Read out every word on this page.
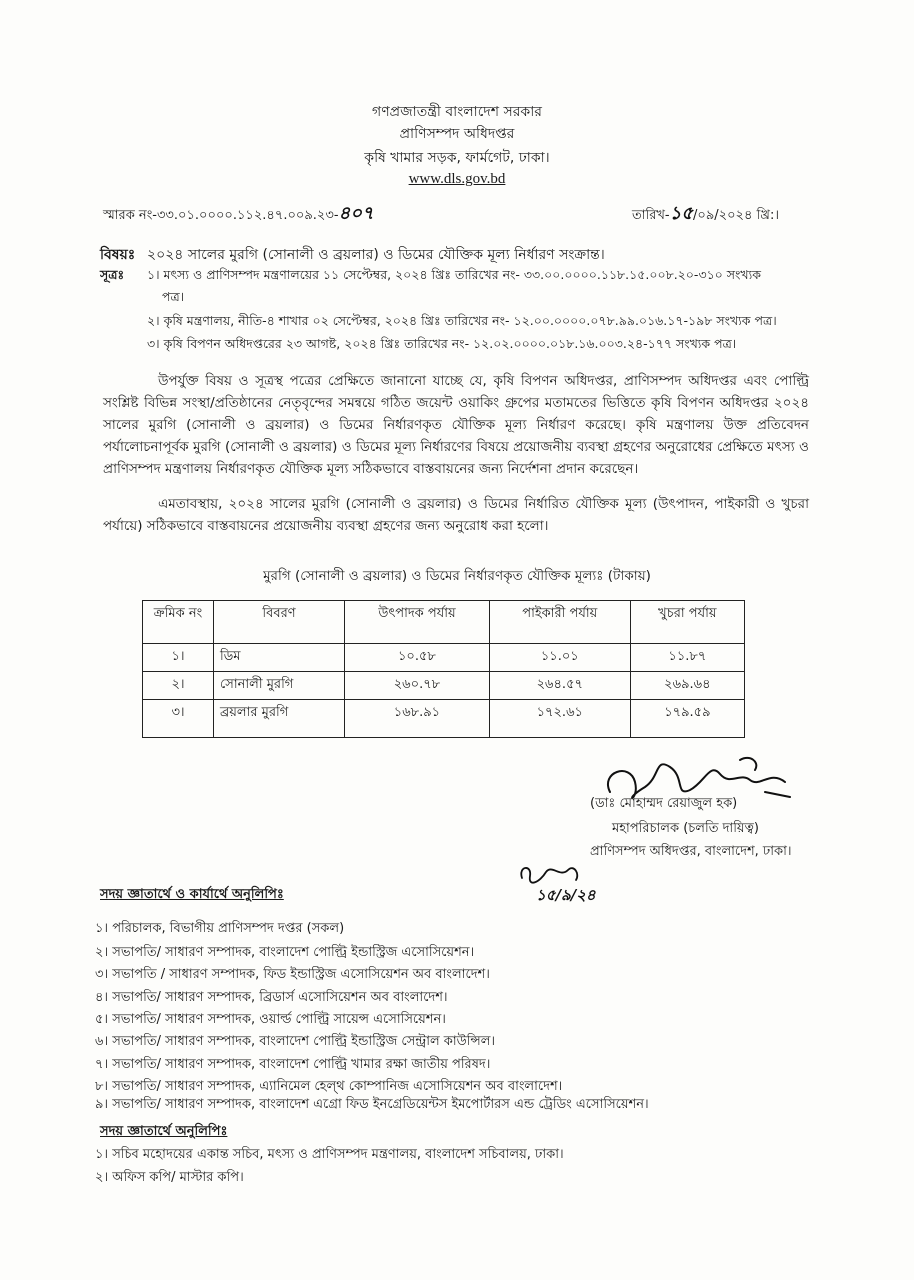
গণপ্রজাতন্ত্রী বাংলাদেশ সরকার
প্রাণিসম্পদ অধিদপ্তর
কৃষি খামার সড়ক, ফার্মগেট, ঢাকা।
www.dls.gov.bd
স্মারক নং-৩৩.০১.০০০০.১১২.৪৭.০০৯.২৩-৪০৭	তারিখ-১৫/০৯/২০২৪ খ্রি:।
বিষয়ঃ ২০২৪ সালের মুরগি (সোনালী ও ব্রয়লার) ও ডিমের যৌক্তিক মূল্য নির্ধারণ সংক্রান্ত।
সূত্রঃ ১। মৎস্য ও প্রাণিসম্পদ মন্ত্রণালয়ের ১১ সেপ্টেম্বর, ২০২৪ খ্রিঃ তারিখের নং- ৩৩.০০.০০০০.১১৮.১৫.০০৮.২০-৩১০ সংখ্যক
পত্র।
২। কৃষি মন্ত্রণালয়, নীতি-৪ শাখার ০২ সেপ্টেম্বর, ২০২৪ খ্রিঃ তারিখের নং- ১২.০০.০০০০.০৭৮.৯৯.০১৬.১৭-১৯৮ সংখ্যক পত্র।
৩। কৃষি বিপণন অধিদপ্তরের ২৩ আগষ্ট, ২০২৪ খ্রিঃ তারিখের নং- ১২.০২.০০০০.০১৮.১৬.০০৩.২৪-১৭৭ সংখ্যক পত্র।
উপর্যুক্ত বিষয় ও সূত্রস্থ পত্রের প্রেক্ষিতে জানানো যাচ্ছে যে, কৃষি বিপণন অধিদপ্তর, প্রাণিসম্পদ অধিদপ্তর এবং পোল্ট্রি সংশ্লিষ্ট বিভিন্ন সংস্থা/প্রতিষ্ঠানের নেতৃবৃন্দের সমন্বয়ে গঠিত জয়েন্ট ওয়াকিং গ্রুপের মতামতের ভিত্তিতে কৃষি বিপণন অধিদপ্তর ২০২৪ সালের মুরগি (সোনালী ও ব্রয়লার) ও ডিমের নির্ধারণকৃত যৌক্তিক মূল্য নির্ধারণ করেছে। কৃষি মন্ত্রণালয় উক্ত প্রতিবেদন পর্যালোচনাপূর্বক মুরগি (সোনালী ও ব্রয়লার) ও ডিমের মূল্য নির্ধারণের বিষয়ে প্রয়োজনীয় ব্যবস্থা গ্রহণের অনুরোধের প্রেক্ষিতে মৎস্য ও প্রাণিসম্পদ মন্ত্রণালয় নির্ধারণকৃত যৌক্তিক মূল্য সঠিকভাবে বাস্তবায়নের জন্য নির্দেশনা প্রদান করেছেন।
এমতাবস্থায়, ২০২৪ সালের মুরগি (সোনালী ও ব্রয়লার) ও ডিমের নির্ধারিত যৌক্তিক মূল্য (উৎপাদন, পাইকারী ও খুচরা পর্যায়ে) সঠিকভাবে বাস্তবায়নের প্রয়োজনীয় ব্যবস্থা গ্রহণের জন্য অনুরোধ করা হলো।
মুরগি (সোনালী ও ব্রয়লার) ও ডিমের নির্ধারণকৃত যৌক্তিক মূল্যঃ (টাকায়)
ক্রমিক নং	বিবরণ	উৎপাদক পর্যায়	পাইকারী পর্যায়	খুচরা পর্যায়
১।	ডিম	১০.৫৮	১১.০১	১১.৮৭
২।	সোনালী মুরগি	২৬০.৭৮	২৬৪.৫৭	২৬৯.৬৪
৩।	ব্রয়লার মুরগি	১৬৮.৯১	১৭২.৬১	১৭৯.৫৯
(ডাঃ মোহাম্মদ রেয়াজুল হক)
মহাপরিচালক (চলতি দায়িত্ব)
প্রাণিসম্পদ অধিদপ্তর, বাংলাদেশ, ঢাকা।
১৫/৯/২৪
সদয় জ্ঞাতার্থে ও কার্যার্থে অনুলিপিঃ
১। পরিচালক, বিভাগীয় প্রাণিসম্পদ দপ্তর (সকল)
২। সভাপতি/ সাধারণ সম্পাদক, বাংলাদেশ পোল্ট্রি ইন্ডাস্ট্রিজ এসোসিয়েশন।
৩। সভাপতি / সাধারণ সম্পাদক, ফিড ইন্ডাস্ট্রিজ এসোসিয়েশন অব বাংলাদেশ।
৪। সভাপতি/ সাধারণ সম্পাদক, ব্রিডার্স এসোসিয়েশন অব বাংলাদেশ।
৫। সভাপতি/ সাধারণ সম্পাদক, ওয়ার্ল্ড পোল্ট্রি সায়েন্স এসোসিয়েশন।
৬। সভাপতি/ সাধারণ সম্পাদক, বাংলাদেশ পোল্ট্রি ইন্ডাস্ট্রিজ সেন্ট্রাল কাউন্সিল।
৭। সভাপতি/ সাধারণ সম্পাদক, বাংলাদেশ পোল্ট্রি খামার রক্ষা জাতীয় পরিষদ।
৮। সভাপতি/ সাধারণ সম্পাদক, এ্যানিমেল হেল্থ কোম্পানিজ এসোসিয়েশন অব বাংলাদেশ।
৯। সভাপতি/ সাধারণ সম্পাদক, বাংলাদেশ এগ্রো ফিড ইনগ্রেডিয়েন্টস ইমপোর্টারস এন্ড ট্রেডিং এসোসিয়েশন।
সদয় জ্ঞাতার্থে অনুলিপিঃ
১। সচিব মহোদয়ের একান্ত সচিব, মৎস্য ও প্রাণিসম্পদ মন্ত্রণালয়, বাংলাদেশ সচিবালয়, ঢাকা।
২। অফিস কপি/ মাস্টার কপি।
